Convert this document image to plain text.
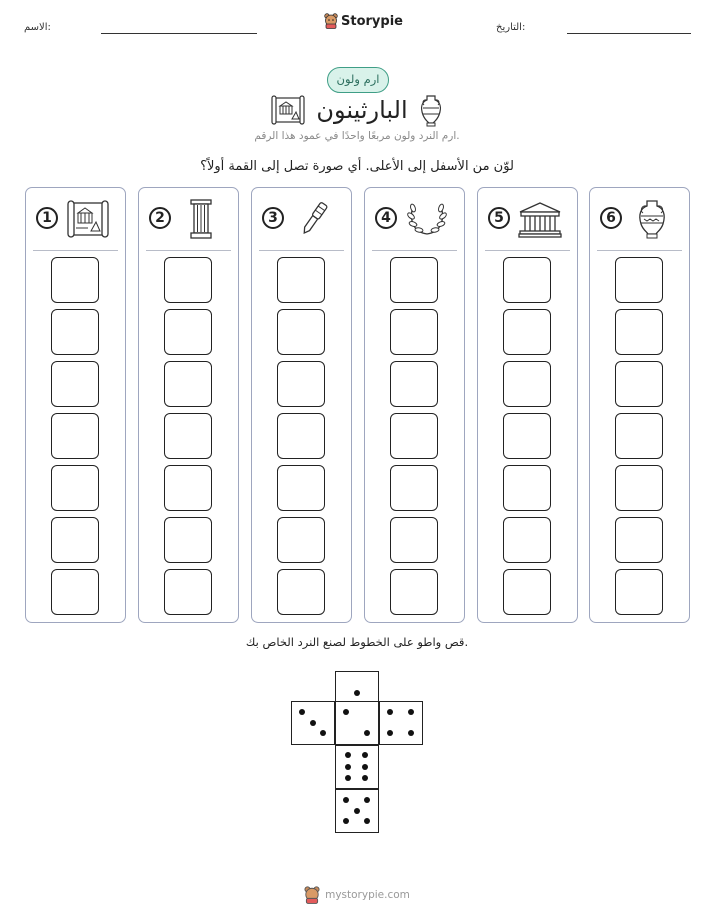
الاسم:	Storypie	التاريخ:
ارم ولون
البارثينون
ارم النرد ولون مربعًا واحدًا في عمود هذا الرقم.
لوّن من الأسفل إلى الأعلى. أي صورة تصل إلى القمة أولاً؟
1	2	3	4	5	6
قص واطو على الخطوط لصنع النرد الخاص بك.
mystorypie.com
